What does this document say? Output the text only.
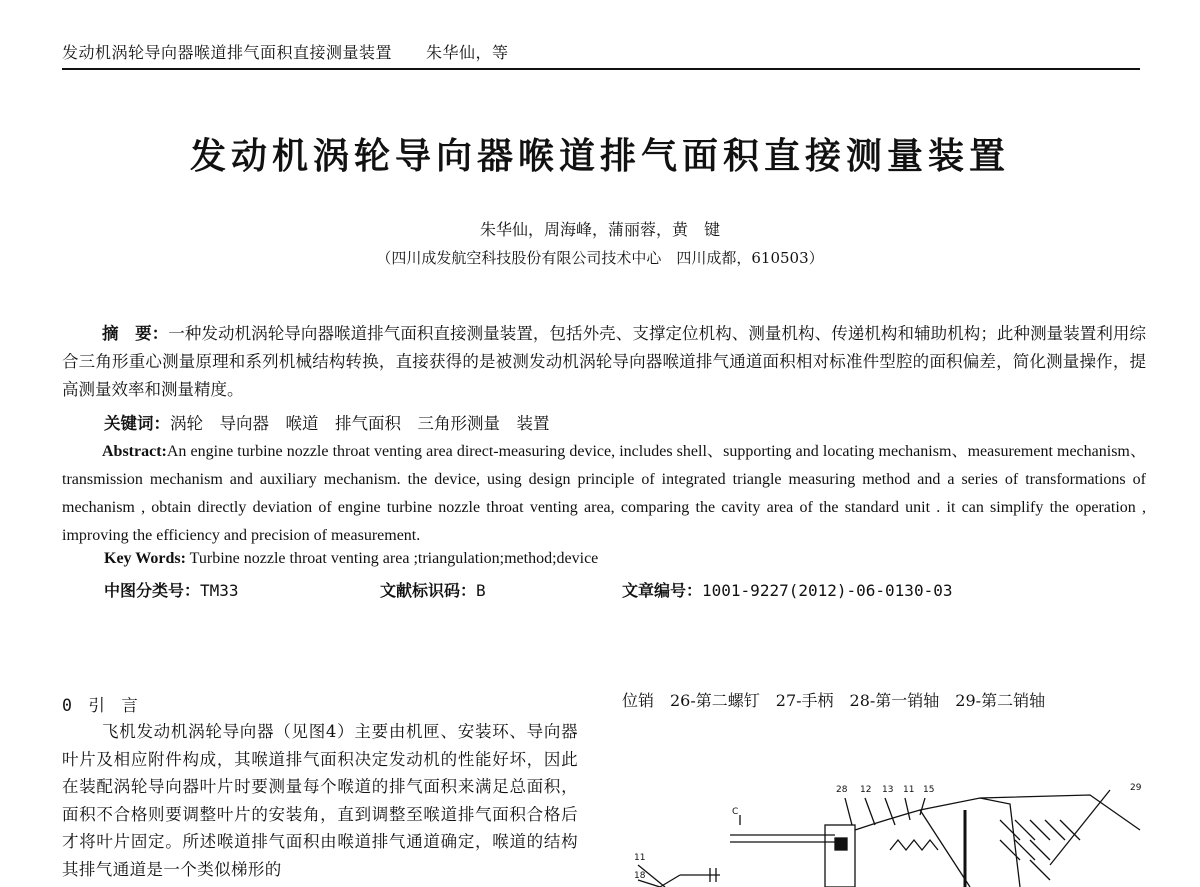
发动机涡轮导向器喉道排气面积直接测量装置 朱华仙，等
发动机涡轮导向器喉道排气面积直接测量装置
朱华仙，周海峰，蒲丽蓉，黄　键
（四川成发航空科技股份有限公司技术中心　四川成都，610503）
摘　要：一种发动机涡轮导向器喉道排气面积直接测量装置，包括外壳、支撑定位机构、测量机构、传递机构和辅助机构；此种测量装置利用综合三角形重心测量原理和系列机械结构转换，直接获得的是被测发动机涡轮导向器喉道排气通道面积相对标准件型腔的面积偏差，简化测量操作，提高测量效率和测量精度。
关键词：涡轮　导向器　喉道　排气面积　三角形测量　装置
Abstract:An engine turbine nozzle throat venting area direct-measuring device, includes shell、supporting and locating mechanism、measurement mechanism、transmission mechanism and auxiliary mechanism. the device, using design principle of integrated triangle measuring method and a series of transformations of mechanism , obtain directly deviation of engine turbine nozzle throat venting area, comparing the cavity area of the standard unit . it can simplify the operation , improving the efficiency and precision of measurement.
Key Words: Turbine nozzle throat venting area ;triangulation;method;device
中图分类号：TM33	文献标识码：B	文章编号：1001-9227(2012)-06-0130-03
0　引　言
飞机发动机涡轮导向器（见图4）主要由机匣、安装环、导向器叶片及相应附件构成，其喉道排气面积决定发动机的性能好坏，因此在装配涡轮导向器叶片时要测量每个喉道的排气面积来满足总面积，面积不合格则要调整叶片的安装角，直到调整至喉道排气面积合格后才将叶片固定。所述喉道排气面积由喉道排气通道确定，喉道的结构其排气通道是一个类似梯形的
位销　26-第二螺钉　27-手柄　28-第一销轴　29-第二销轴
28 12 13 11 15	29
11
18
C
